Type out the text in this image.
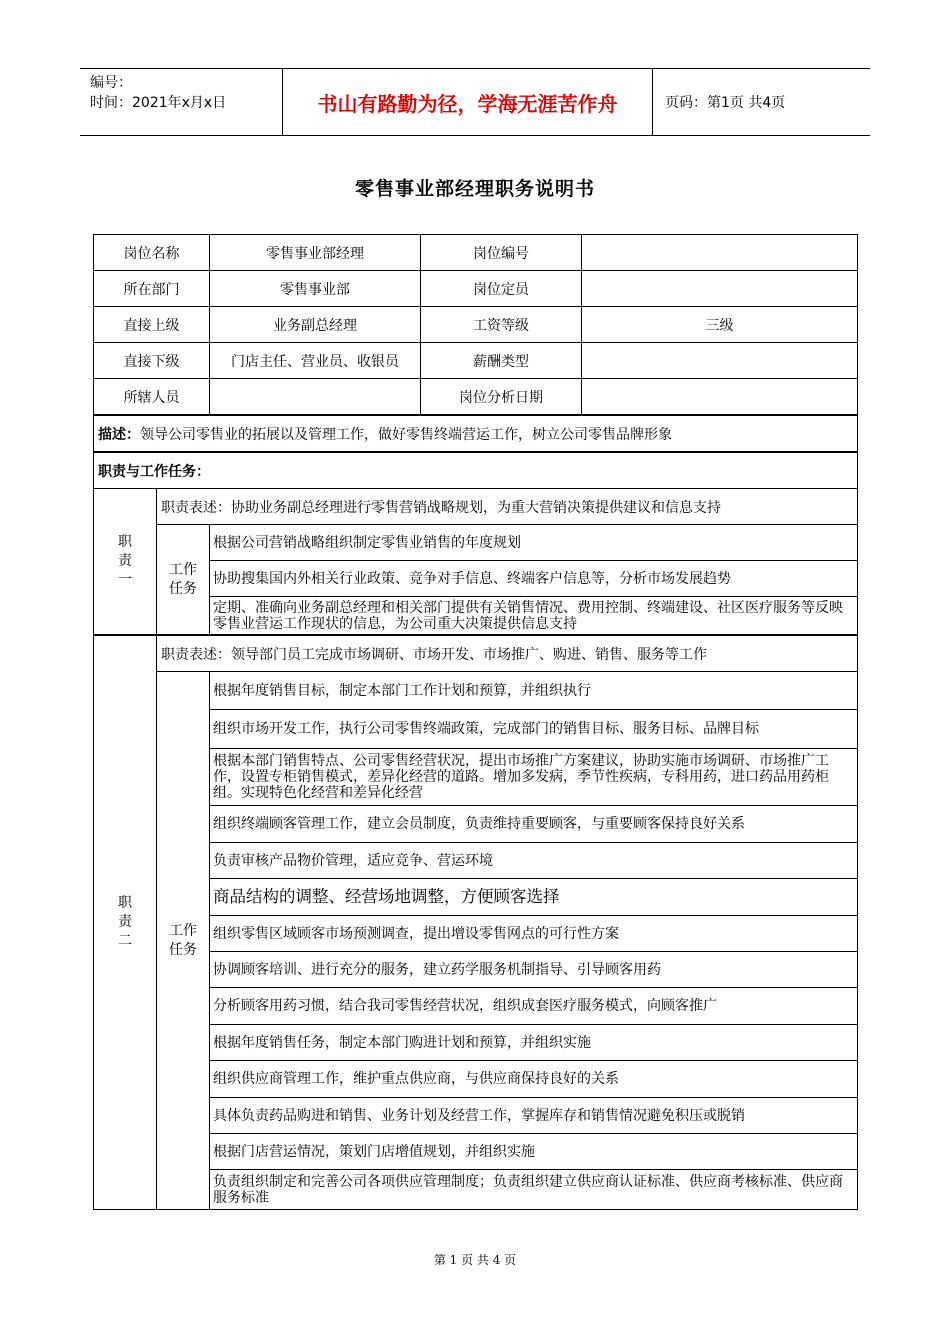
编号：
时间：2021年x月x日	书山有路勤为径，学海无涯苦作舟	页码：第1页 共4页
零售事业部经理职务说明书
岗位名称		零售事业部经理	岗位编号	
所在部门		零售事业部	岗位定员	
直接上级		业务副总经理	工资等级	三级
直接下级		门店主任、营业员、收银员	薪酬类型	
所辖人员			岗位分析日期	
描述：领导公司零售业的拓展以及管理工作，做好零售终端营运工作，树立公司零售品牌形象				
职责与工作任务：				
职责一	职责表述：协助业务副总经理进行零售营销战略规划，为重大营销决策提供建议和信息支持			

	工作任务	根据公司营销战略组织制定零售业销售的年度规划		
		协助搜集国内外相关行业政策、竞争对手信息、终端客户信息等，分析市场发展趋势		
		定期、准确向业务副总经理和相关部门提供有关销售情况、费用控制、终端建设、社区医疗服务等反映零售业营运工作现状的信息，为公司重大决策提供信息支持		
职责二	职责表述：领导部门员工完成市场调研、市场开发、市场推广、购进、销售、服务等工作			

	工作任务	根据年度销售目标，制定本部门工作计划和预算，并组织执行		
		组织市场开发工作，执行公司零售终端政策，完成部门的销售目标、服务目标、品牌目标		
		根据本部门销售特点、公司零售经营状况，提出市场推广方案建议，协助实施市场调研、市场推广工作，设置专柜销售模式，差异化经营的道路。增加多发病，季节性疾病，专科用药，进口药品用药柜组。实现特色化经营和差异化经营		
		组织终端顾客管理工作，建立会员制度，负责维持重要顾客，与重要顾客保持良好关系		
		负责审核产品物价管理，适应竞争、营运环境		
		商品结构的调整、经营场地调整，方便顾客选择		
		组织零售区域顾客市场预测调查，提出增设零售网点的可行性方案		
		协调顾客培训、进行充分的服务，建立药学服务机制指导、引导顾客用药		
		分析顾客用药习惯，结合我司零售经营状况，组织成套医疗服务模式，向顾客推广		
		根据年度销售任务，制定本部门购进计划和预算，并组织实施		
		组织供应商管理工作，维护重点供应商，与供应商保持良好的关系		
		具体负责药品购进和销售、业务计划及经营工作，掌握库存和销售情况避免积压或脱销		
		根据门店营运情况，策划门店增值规划，并组织实施		
		负责组织制定和完善公司各项供应管理制度；负责组织建立供应商认证标准、供应商考核标准、供应商服务标准		
第 1 页 共 4 页
